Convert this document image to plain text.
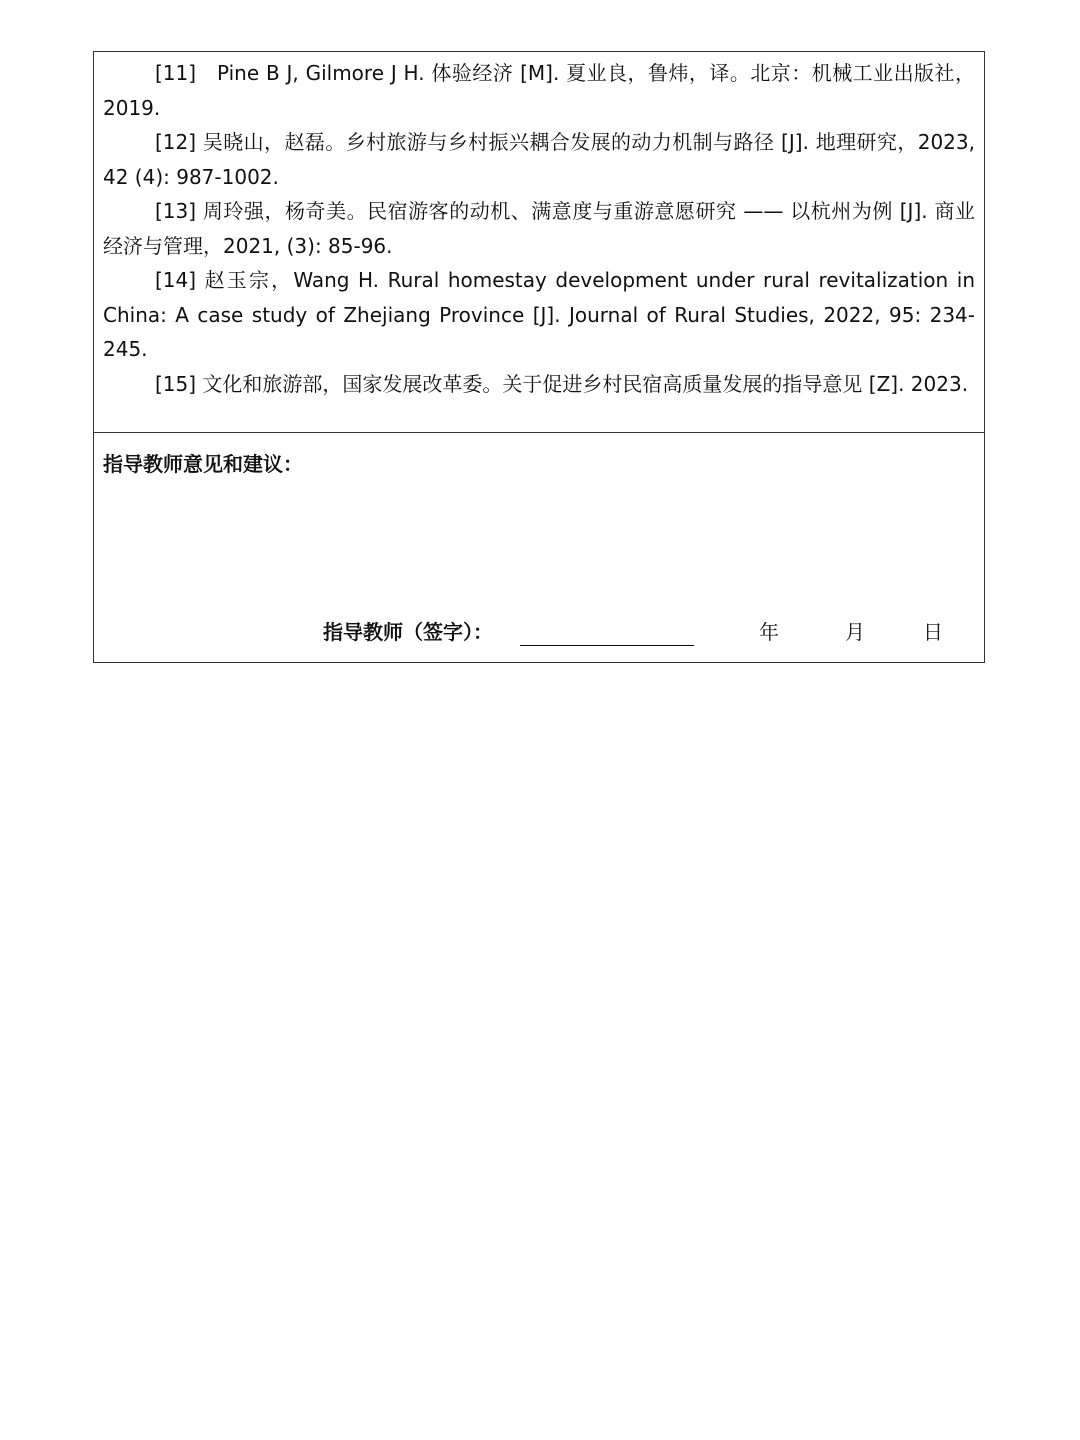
[11]　Pine B J, Gilmore J H. 体验经济 [M]. 夏业良，鲁炜，译。北京：机械工业出版社，2019.

[12] 吴晓山，赵磊。乡村旅游与乡村振兴耦合发展的动力机制与路径 [J]. 地理研究，2023, 42 (4): 987-1002.

[13] 周玲强，杨奇美。民宿游客的动机、满意度与重游意愿研究 —— 以杭州为例 [J]. 商业经济与管理，2021, (3): 85-96.

[14] 赵玉宗，Wang H. Rural homestay development under rural revitalization in China: A case study of Zhejiang Province [J]. Journal of Rural Studies, 2022, 95: 234-245.

[15] 文化和旅游部，国家发展改革委。关于促进乡村民宿高质量发展的指导意见 [Z]. 2023.

指导教师意见和建议：

指导教师（签字）：	年	月	日
